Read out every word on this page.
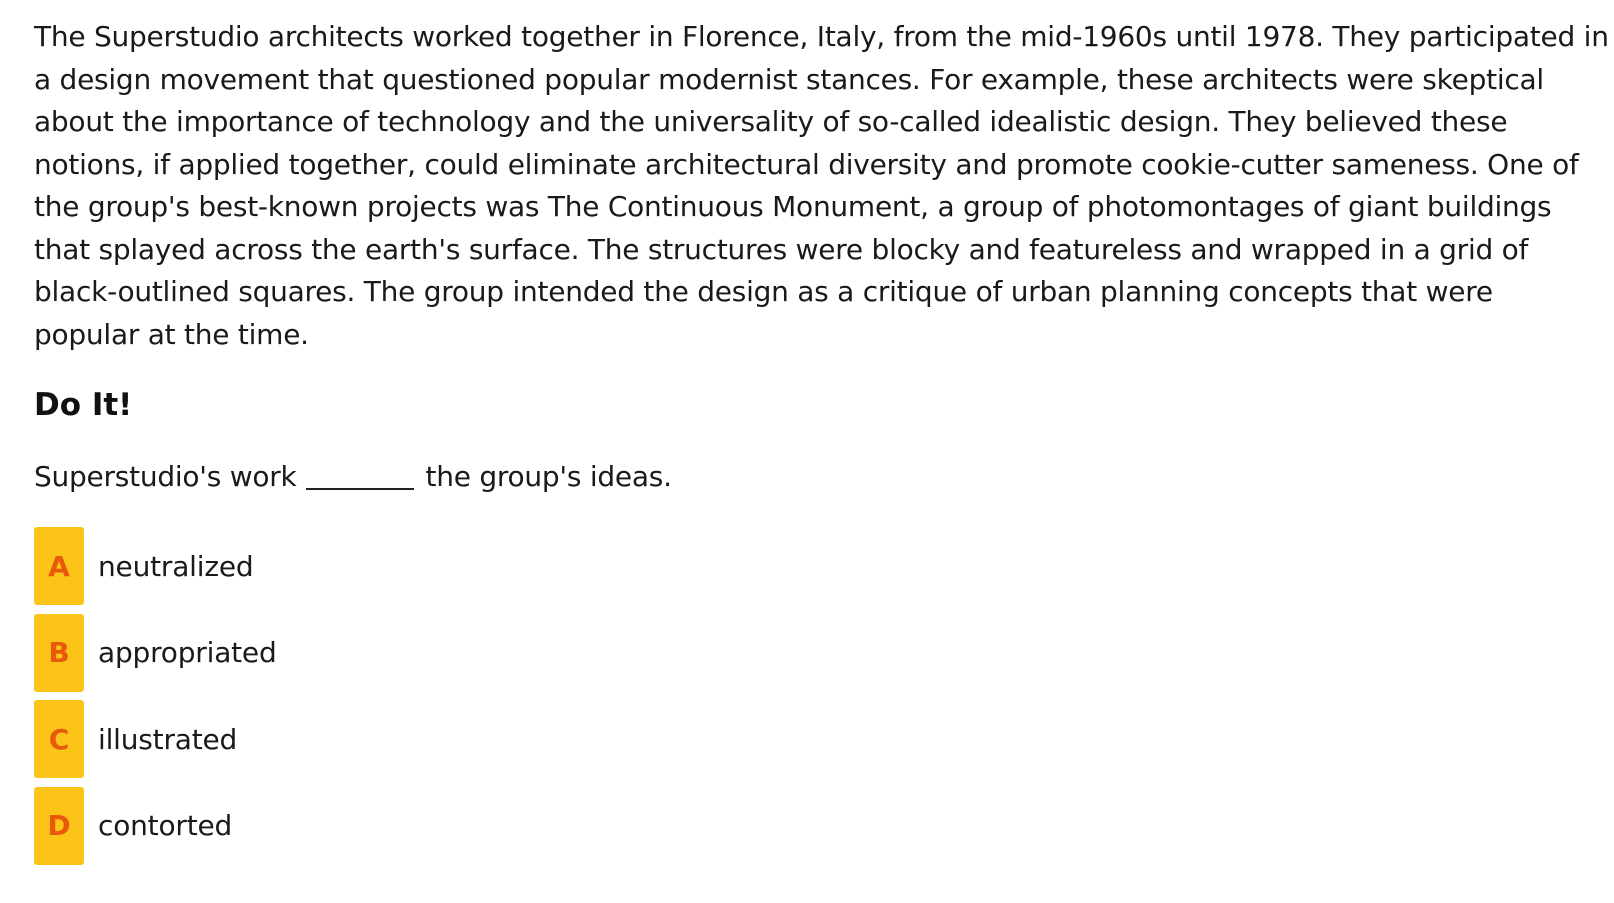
The Superstudio architects worked together in Florence, Italy, from the mid-1960s until 1978. They participated in
a design movement that questioned popular modernist stances. For example, these architects were skeptical
about the importance of technology and the universality of so-called idealistic design. They believed these
notions, if applied together, could eliminate architectural diversity and promote cookie-cutter sameness. One of
the group's best-known projects was The Continuous Monument, a group of photomontages of giant buildings
that splayed across the earth's surface. The structures were blocky and featureless and wrapped in a grid of
black-outlined squares. The group intended the design as a critique of urban planning concepts that were
popular at the time.
Do It!
Superstudio's work	the group's ideas.
A	neutralized
B	appropriated
C	illustrated
D contorted
